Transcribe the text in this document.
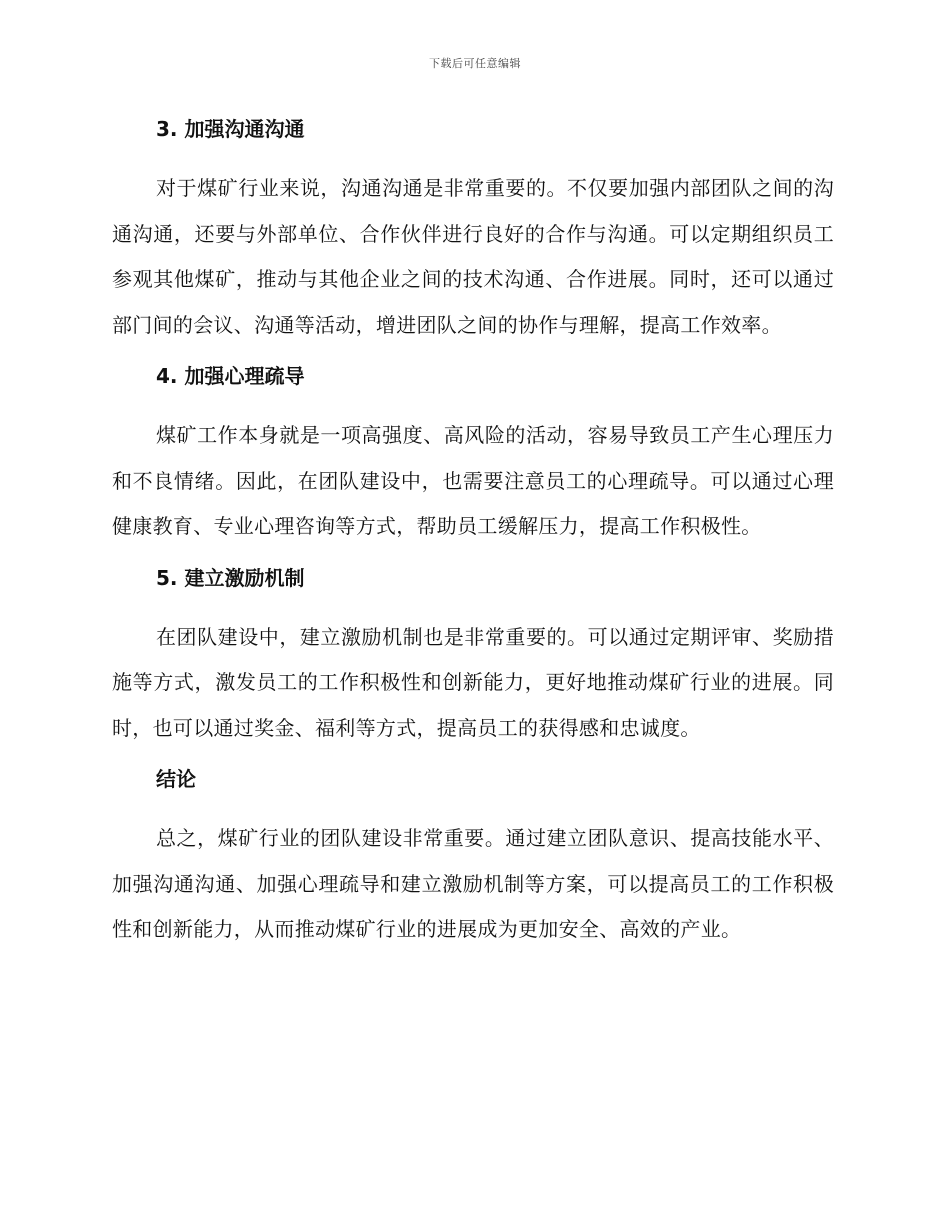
下载后可任意编辑
3. 加强沟通沟通

对于煤矿行业来说，沟通沟通是非常重要的。不仅要加强内部团队之间的沟通沟通，还要与外部单位、合作伙伴进行良好的合作与沟通。可以定期组织员工参观其他煤矿，推动与其他企业之间的技术沟通、合作进展。同时，还可以通过部门间的会议、沟通等活动，增进团队之间的协作与理解，提高工作效率。

4. 加强心理疏导

煤矿工作本身就是一项高强度、高风险的活动，容易导致员工产生心理压力和不良情绪。因此，在团队建设中，也需要注意员工的心理疏导。可以通过心理健康教育、专业心理咨询等方式，帮助员工缓解压力，提高工作积极性。

5. 建立激励机制

在团队建设中，建立激励机制也是非常重要的。可以通过定期评审、奖励措施等方式，激发员工的工作积极性和创新能力，更好地推动煤矿行业的进展。同时，也可以通过奖金、福利等方式，提高员工的获得感和忠诚度。

结论

总之，煤矿行业的团队建设非常重要。通过建立团队意识、提高技能水平、加强沟通沟通、加强心理疏导和建立激励机制等方案，可以提高员工的工作积极性和创新能力，从而推动煤矿行业的进展成为更加安全、高效的产业。
